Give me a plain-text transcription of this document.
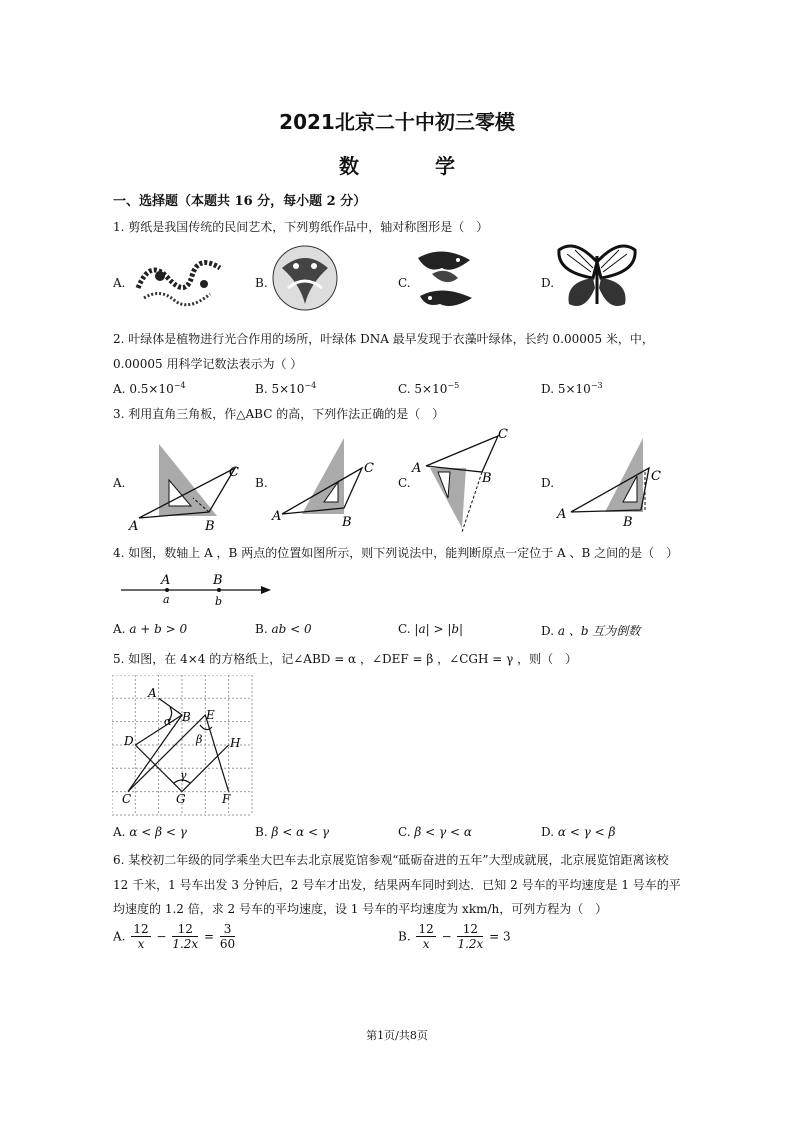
2021北京二十中初三零模
数　学
一、选择题（本题共 16 分，每小题 2 分）
1. 剪纸是我国传统的民间艺术，下列剪纸作品中，轴对称图形是（　）
A.	B.	C.	D.
2. 叶绿体是植物进行光合作用的场所，叶绿体 DNA 最早发现于衣藻叶绿体，长约 0.00005 米，中，
0.00005 用科学记数法表示为（ ）
A. $0.5\times 10^{-4}$	B. $5\times 10^{-4}$	C. $5\times 10^{-5}$	D. $5\times 10^{-3}$
3. 利用直角三角板，作△ABC 的高，下列作法正确的是（　）
A.
A	B
C
B.
A	B
C
C.
A
B
C
D.
A
B
C
4. 如图，数轴上 A ，B 两点的位置如图所示，则下列说法中，能判断原点一定位于 A 、B 之间的是（　）
A	B
a	b
A. a + b > 0	B. ab < 0	C. |a| > |b|	D. a 、b 互为倒数
5. 如图，在 4×4 的方格纸上，记∠ABD = α ，∠DEF = β ，∠CGH = γ ，则（　）
A
B
C
D
E
F
G
H
α
β
γ
A. α < β < γ	B. β < α < γ	C. β < γ < α	D. α < γ < β
6. 某校初二年级的同学乘坐大巴车去北京展览馆参观“砥砺奋进的五年”大型成就展，北京展览馆距离该校
12 千米，1 号车出发 3 分钟后，2 号车才出发，结果两车同时到达．已知 2 号车的平均速度是 1 号车的平
均速度的 1.2 倍，求 2 号车的平均速度，设 1 号车的平均速度为 xkm/h，可列方程为（　）
A. $\frac{12}{x} - \frac{12}{1.2x} = \frac{3}{60}$	B. $\frac{12}{x} - \frac{12}{1.2x} = 3$
第1页/共8页
